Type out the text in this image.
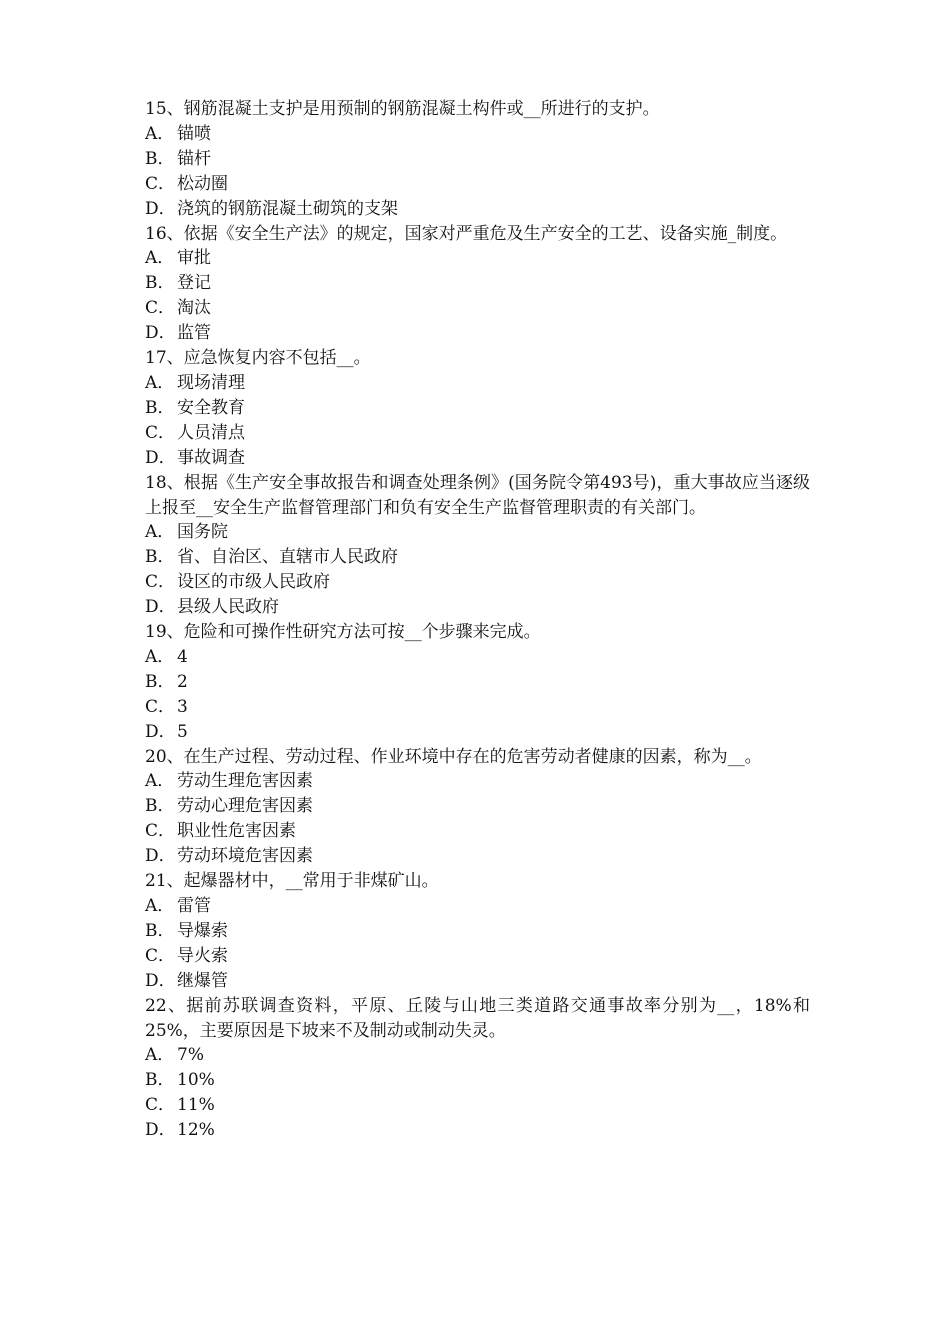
15、钢筋混凝土支护是用预制的钢筋混凝土构件或__所进行的支护。

A． 锚喷

B． 锚杆

C． 松动圈

D．浇筑的钢筋混凝土砌筑的支架

16、依据《安全生产法》的规定，国家对严重危及生产安全的工艺、设备实施_制度。

A． 审批

B． 登记

C． 淘汰

D．监管

17、应急恢复内容不包括__。

A． 现场清理

B． 安全教育

C． 人员清点

D．事故调查

18、根据《生产安全事故报告和调查处理条例》(国务院令第493号)，重大事故应当逐级上报至__安全生产监督管理部门和负有安全生产监督管理职责的有关部门。

A． 国务院

B． 省、自治区、直辖市人民政府

C． 设区的市级人民政府

D．县级人民政府

19、危险和可操作性研究方法可按__个步骤来完成。

A． 4

B． 2

C． 3

D．5

20、在生产过程、劳动过程、作业环境中存在的危害劳动者健康的因素，称为__。

A． 劳动生理危害因素

B． 劳动心理危害因素

C． 职业性危害因素

D．劳动环境危害因素

21、起爆器材中，__常用于非煤矿山。

A． 雷管

B． 导爆索

C． 导火索

D．继爆管

22、据前苏联调查资料，平原、丘陵与山地三类道路交通事故率分别为__，18%和25%，主要原因是下坡来不及制动或制动失灵。

A． 7%

B． 10%

C． 11%

D．12%
